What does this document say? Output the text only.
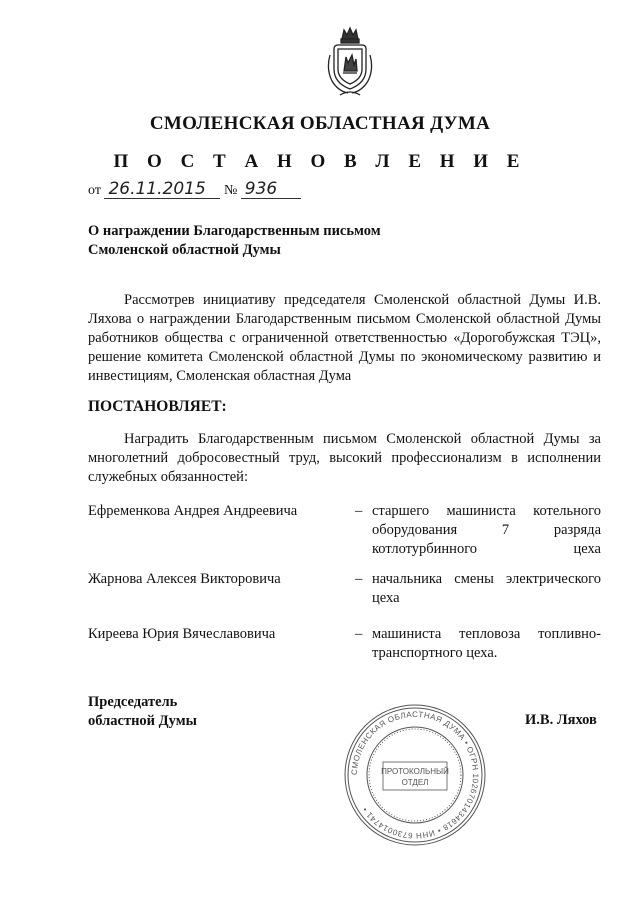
СМОЛЕНСКАЯ ОБЛАСТНАЯ ДУМА
П О С Т А Н О В Л Е Н И Е
от 26.11.2015 № 936
О награждении Благодарственным письмом
Смоленской областной Думы
Рассмотрев инициативу председателя Смоленской областной Думы И.В. Ляхова о награждении Благодарственным письмом Смоленской областной Думы работников общества с ограниченной ответственностью «Дорогобужская ТЭЦ», решение комитета Смоленской областной Думы по экономическому развитию и инвестициям, Смоленская областная Дума
ПОСТАНОВЛЯЕТ:
Наградить Благодарственным письмом Смоленской областной Думы за многолетний добросовестный труд, высокий профессионализм в исполнении служебных обязанностей:
Ефременкова Андрея Андреевича	– старшего машиниста котельного оборудования 7 разряда котлотурбинного цеха
Жарнова Алексея Викторовича	– начальника смены электрического цеха
Киреева Юрия Вячеславовича	– машиниста тепловоза топливно-транспортного цеха.
Председатель
областной Думы	И.В. Ляхов
СМОЛЕНСКАЯ ОБЛАСТНАЯ ДУМА • ОГРН 1026701434618 • ИНН 6730014741 •
ПРОТОКОЛЬНЫЙ
ОТДЕЛ
